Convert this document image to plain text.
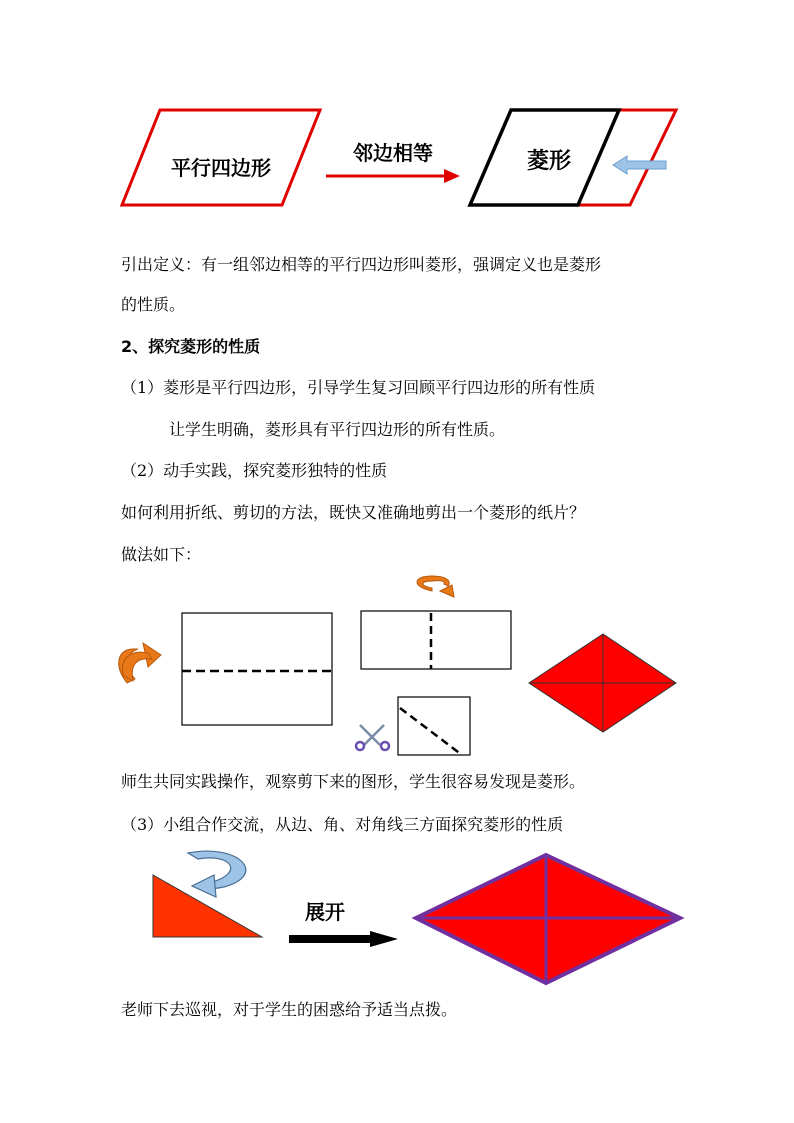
平行四边形
邻边相等	菱形
引出定义：有一组邻边相等的平行四边形叫菱形，强调定义也是菱形
的性质。
2、探究菱形的性质
（1）菱形是平行四边形，引导学生复习回顾平行四边形的所有性质
让学生明确，菱形具有平行四边形的所有性质。
（2）动手实践，探究菱形独特的性质
如何利用折纸、剪切的方法，既快又准确地剪出一个菱形的纸片？
做法如下：
师生共同实践操作，观察剪下来的图形，学生很容易发现是菱形。
（3）小组合作交流，从边、角、对角线三方面探究菱形的性质
展开
老师下去巡视，对于学生的困惑给予适当点拨。
